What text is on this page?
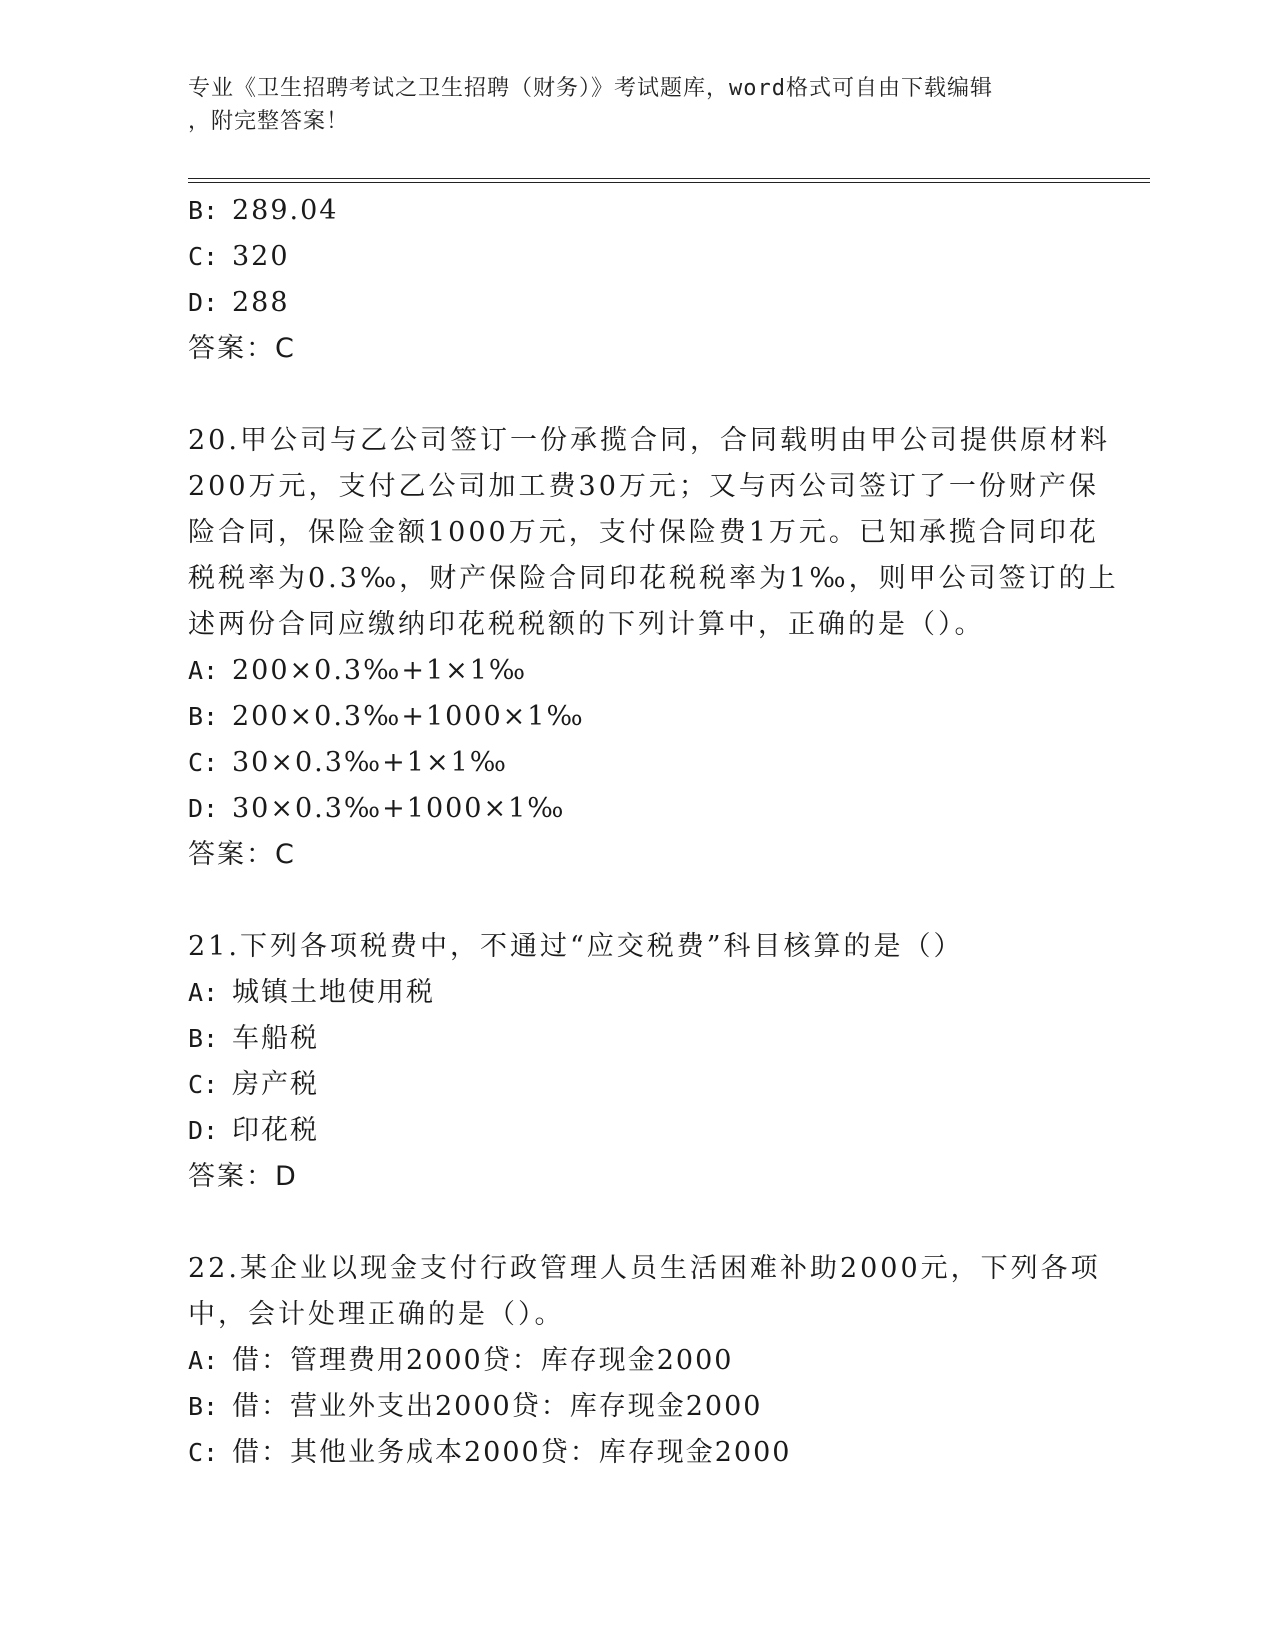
专业《卫生招聘考试之卫生招聘（财务）》考试题库，word格式可自由下载编辑
，附完整答案！
B: 289.04
C: 320
D: 288
答案：C
20.甲公司与乙公司签订一份承揽合同，合同载明由甲公司提供原材料
200万元，支付乙公司加工费30万元；又与丙公司签订了一份财产保
险合同，保险金额1000万元，支付保险费1万元。已知承揽合同印花
税税率为0.3‰，财产保险合同印花税税率为1‰，则甲公司签订的上
述两份合同应缴纳印花税税额的下列计算中，正确的是（）。
A: 200×0.3‰+1×1‰
B: 200×0.3‰+1000×1‰
C: 30×0.3‰+1×1‰
D: 30×0.3‰+1000×1‰
答案：C
21.下列各项税费中，不通过“应交税费”科目核算的是（）
A: 城镇土地使用税
B: 车船税
C: 房产税
D: 印花税
答案：D
22.某企业以现金支付行政管理人员生活困难补助2000元，下列各项
中，会计处理正确的是（）。
A: 借：管理费用2000贷：库存现金2000
B: 借：营业外支出2000贷：库存现金2000
C: 借：其他业务成本2000贷：库存现金2000
